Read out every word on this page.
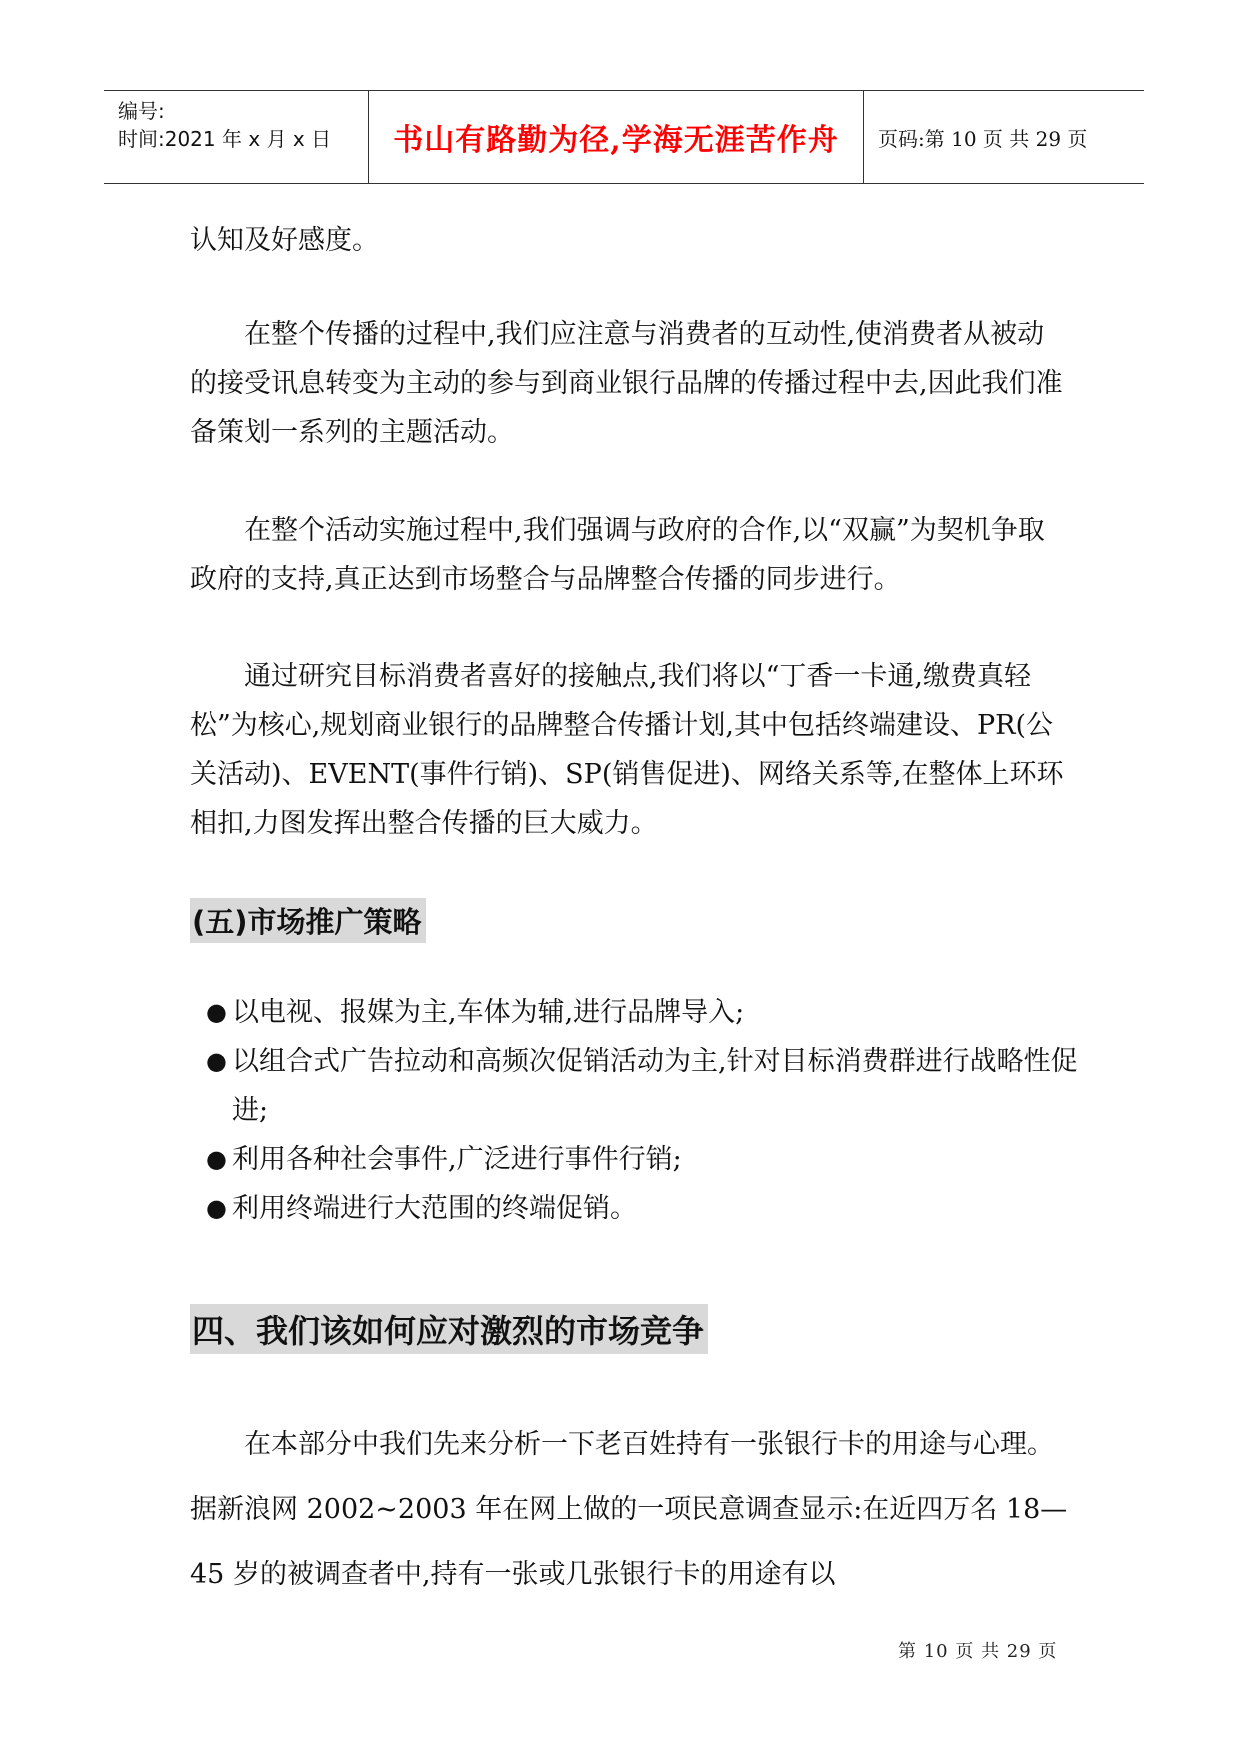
编号:
时间:2021 年 x 月 x 日	书山有路勤为径,学海无涯苦作舟	页码:第 10 页 共 29 页

认知及好感度。

在整个传播的过程中,我们应注意与消费者的互动性,使消费者从被动的接受讯息转变为主动的参与到商业银行品牌的传播过程中去,因此我们准备策划一系列的主题活动。

在整个活动实施过程中,我们强调与政府的合作,以“双赢”为契机争取政府的支持,真正达到市场整合与品牌整合传播的同步进行。

通过研究目标消费者喜好的接触点,我们将以“丁香一卡通,缴费真轻松”为核心,规划商业银行的品牌整合传播计划,其中包括终端建设、PR(公关活动)、EVENT(事件行销)、SP(销售促进)、网络关系等,在整体上环环相扣,力图发挥出整合传播的巨大威力。

(五)市场推广策略
● 以电视、报媒为主,车体为辅,进行品牌导入;
● 以组合式广告拉动和高频次促销活动为主,针对目标消费群进行战略性促 进;
● 利用各种社会事件,广泛进行事件行销;
● 利用终端进行大范围的终端促销。
四、我们该如何应对激烈的市场竞争

在本部分中我们先来分析一下老百姓持有一张银行卡的用途与心理。 据新浪网 2002~2003 年在网上做的一项民意调查显示:在近四万名 18—45 岁的被调查者中,持有一张或几张银行卡的用途有以

第 10 页 共 29 页
